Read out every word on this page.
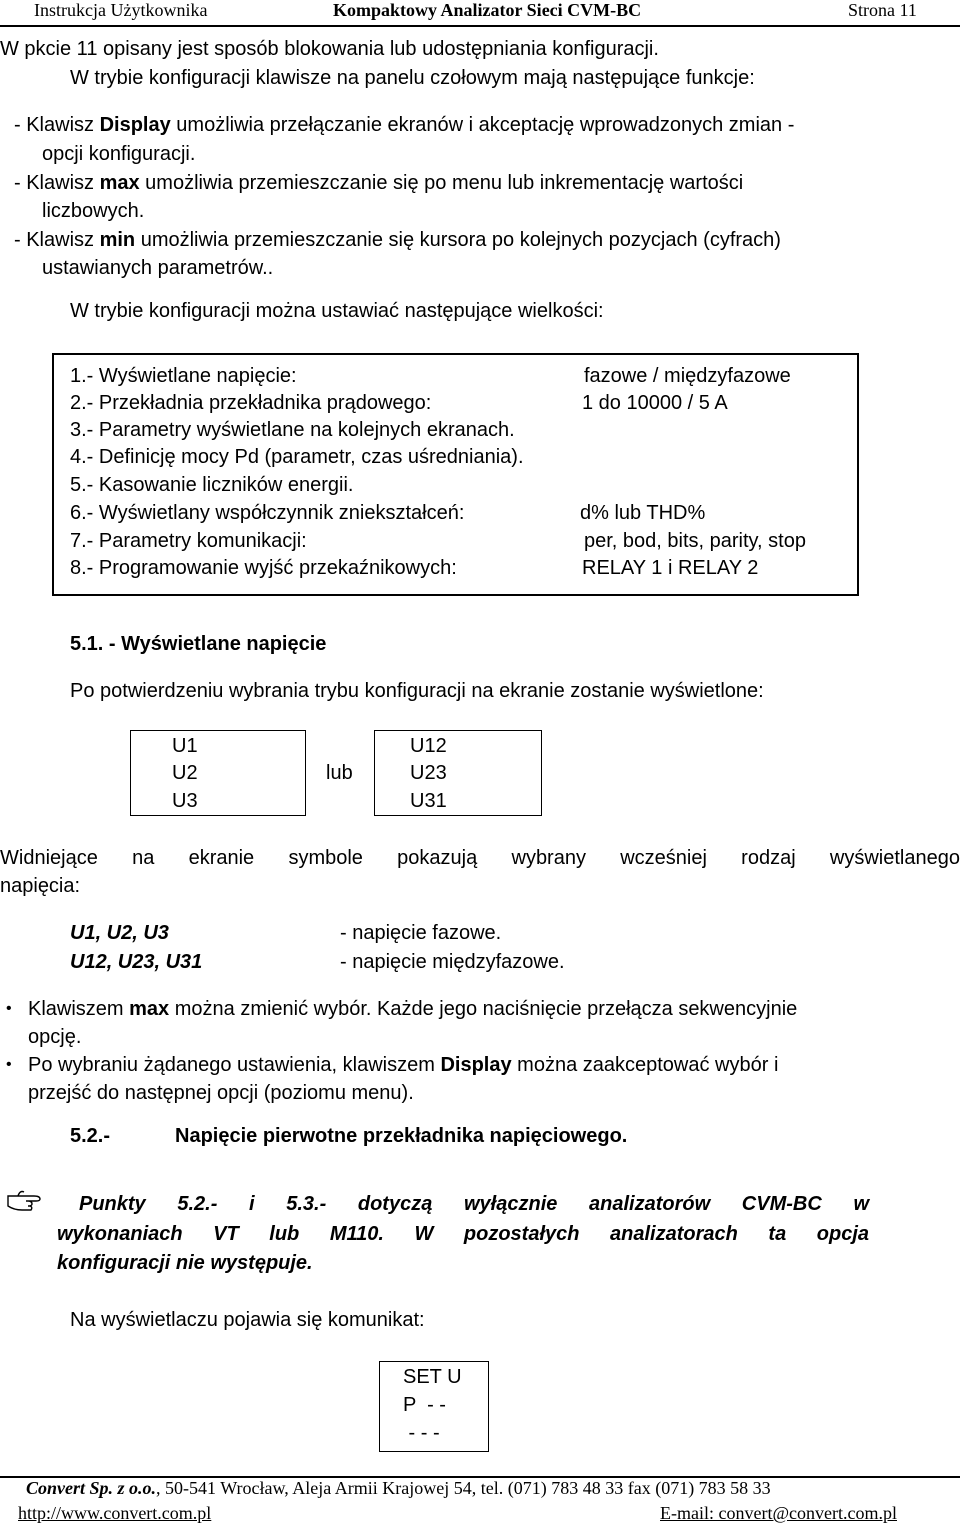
Instrukcja Użytkownika	Kompaktowy Analizator Sieci CVM-BC	Strona 11
W pkcie 11 opisany jest sposób blokowania lub udostępniania konfiguracji.
W trybie konfiguracji klawisze na panelu czołowym mają następujące funkcje:
- Klawisz Display umożliwia przełączanie ekranów i akceptację wprowadzonych zmian -
opcji konfiguracji.
- Klawisz max umożliwia przemieszczanie się po menu lub inkrementację wartości
liczbowych.
- Klawisz min umożliwia przemieszczanie się kursora po kolejnych pozycjach (cyfrach)
ustawianych parametrów..
W trybie konfiguracji można ustawiać następujące wielkości:
1.- Wyświetlane napięcie:	fazowe / międzyfazowe
2.- Przekładnia przekładnika prądowego:	1 do 10000 / 5 A
3.- Parametry wyświetlane na kolejnych ekranach.
4.- Definicję mocy Pd (parametr, czas uśredniania).
5.- Kasowanie liczników energii.
6.- Wyświetlany współczynnik zniekształceń:	d% lub THD%
7.- Parametry komunikacji:	per, bod, bits, parity, stop
8.- Programowanie wyjść przekaźnikowych:	RELAY 1 i RELAY 2
5.1. - Wyświetlane napięcie
Po potwierdzeniu wybrania trybu konfiguracji na ekranie zostanie wyświetlone:
U1
U2
U3
lub
U12
U23
U31
Widniejące na ekranie symbole pokazują wybrany wcześniej rodzaj wyświetlanego
napięcia:
U1, U2, U3	- napięcie fazowe.
U12, U23, U31	- napięcie międzyfazowe.
• Klawiszem max można zmienić wybór. Każde jego naciśnięcie przełącza sekwencyjnie
opcję.
• Po wybraniu żądanego ustawienia, klawiszem Display można zaakceptować wybór i
przejść do następnej opcji (poziomu menu).
5.2.-	Napięcie pierwotne przekładnika napięciowego.
Punkty 5.2.- i 5.3.- dotyczą wyłącznie analizatorów CVM-BC w
wykonaniach VT lub M110. W pozostałych analizatorach ta opcja
konfiguracji nie występuje.
Na wyświetlaczu pojawia się komunikat:
SET U
P  - -
- - -
Convert Sp. z o.o., 50-541 Wrocław, Aleja Armii Krajowej 54, tel. (071) 783 48 33 fax (071) 783 58 33
http://www.convert.com.pl	E-mail: convert@convert.com.pl
